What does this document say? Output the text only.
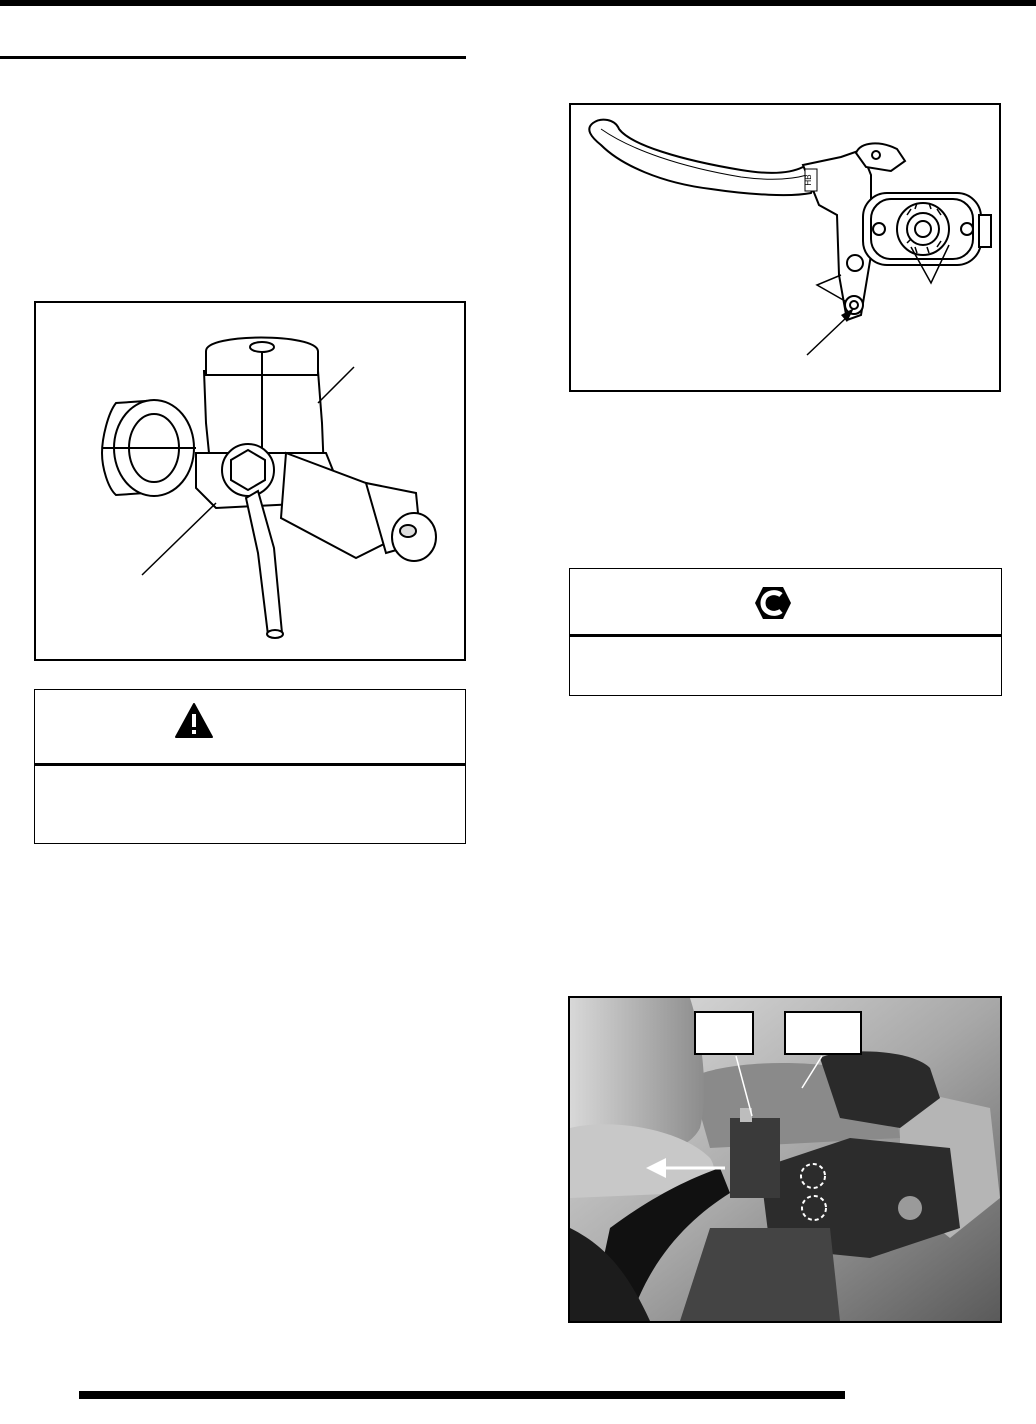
HB
